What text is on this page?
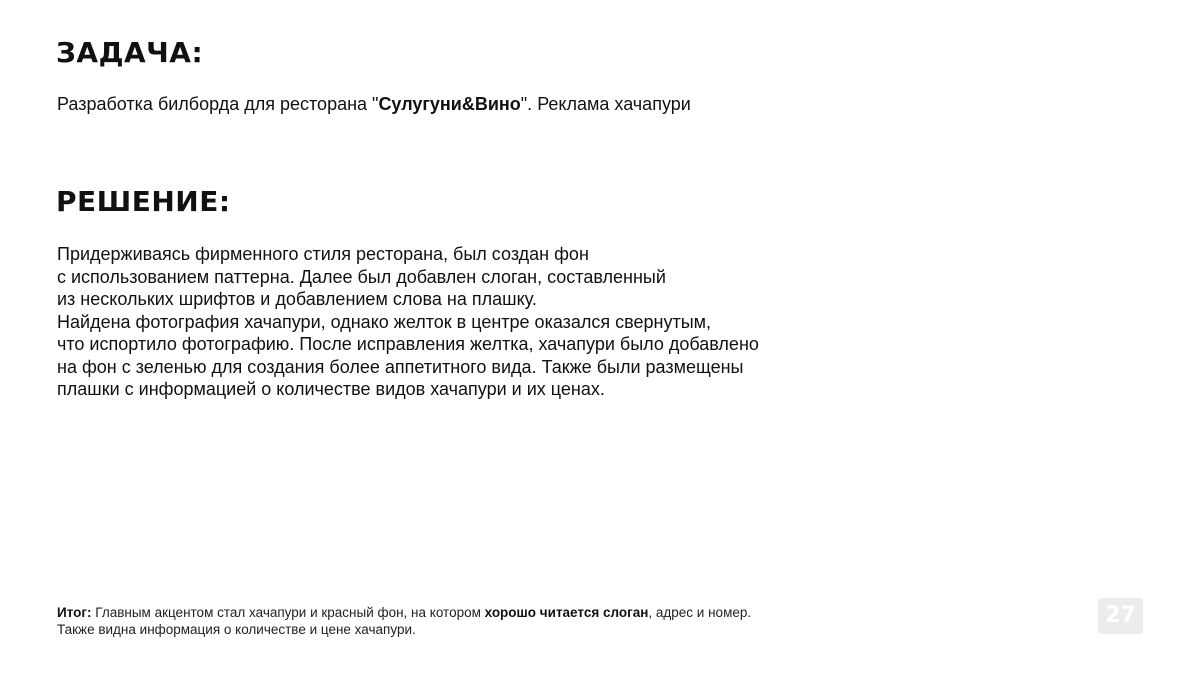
ЗАДАЧА:
Разработка билборда для ресторана "Сулугуни&Вино". Реклама хачапури
РЕШЕНИЕ:
Придерживаясь фирменного стиля ресторана, был создан фон
с использованием паттерна. Далее был добавлен слоган, составленный
из нескольких шрифтов и добавлением слова на плашку.
Найдена фотография хачапури, однако желток в центре оказался свернутым,
что испортило фотографию. После исправления желтка, хачапури было добавлено
на фон с зеленью для создания более аппетитного вида. Также были размещены
плашки с информацией о количестве видов хачапури и их ценах.
Итог: Главным акцентом стал хачапури и красный фон, на котором хорошо читается слоган, адрес и номер.
Также видна информация о количестве и цене хачапури.
27
